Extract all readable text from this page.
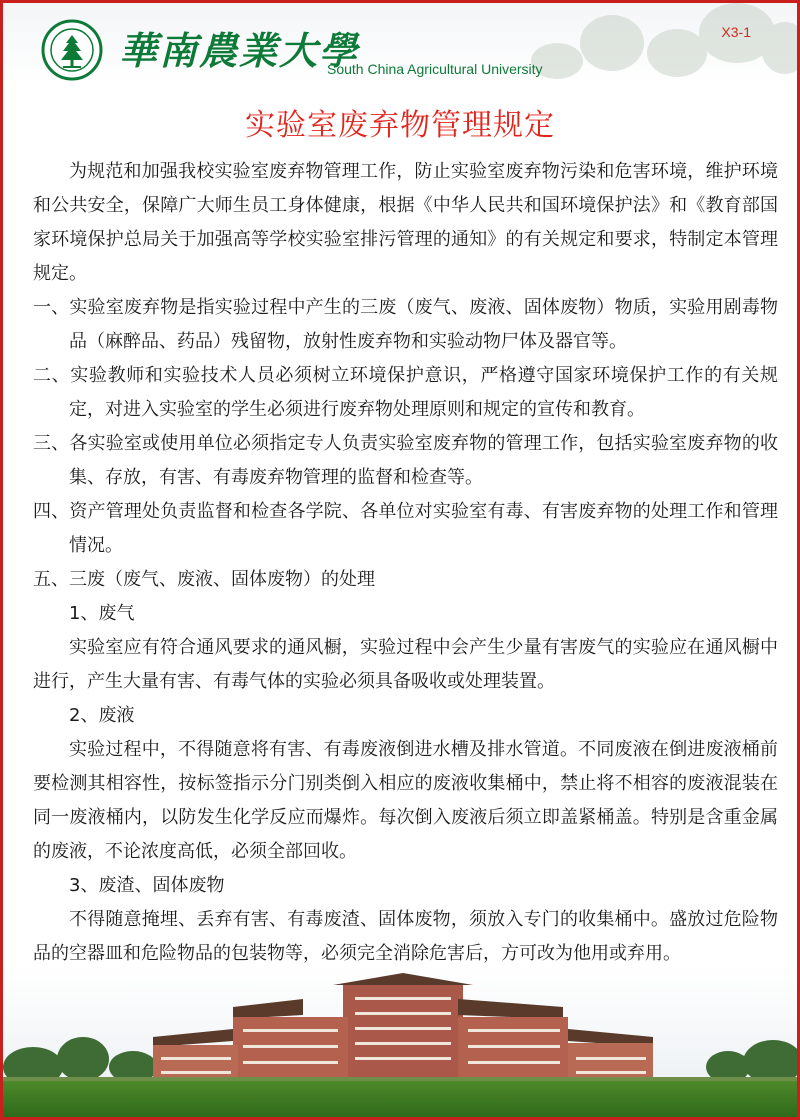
華南農業大學
South China Agricultural University
X3-1
实验室废弃物管理规定

为规范和加强我校实验室废弃物管理工作，防止实验室废弃物污染和危害环境，维护环境和公共安全，保障广大师生员工身体健康，根据《中华人民共和国环境保护法》和《教育部国家环境保护总局关于加强高等学校实验室排污管理的通知》的有关规定和要求，特制定本管理规定。

一、实验室废弃物是指实验过程中产生的三废（废气、废液、固体废物）物质，实验用剧毒物品（麻醉品、药品）残留物，放射性废弃物和实验动物尸体及器官等。

二、实验教师和实验技术人员必须树立环境保护意识，严格遵守国家环境保护工作的有关规定，对进入实验室的学生必须进行废弃物处理原则和规定的宣传和教育。

三、各实验室或使用单位必须指定专人负责实验室废弃物的管理工作，包括实验室废弃物的收集、存放，有害、有毒废弃物管理的监督和检查等。

四、资产管理处负责监督和检查各学院、各单位对实验室有毒、有害废弃物的处理工作和管理情况。

五、三废（废气、废液、固体废物）的处理

1、废气

实验室应有符合通风要求的通风橱，实验过程中会产生少量有害废气的实验应在通风橱中进行，产生大量有害、有毒气体的实验必须具备吸收或处理装置。

2、废液

实验过程中，不得随意将有害、有毒废液倒进水槽及排水管道。不同废液在倒进废液桶前要检测其相容性，按标签指示分门别类倒入相应的废液收集桶中，禁止将不相容的废液混装在同一废液桶内，以防发生化学反应而爆炸。每次倒入废液后须立即盖紧桶盖。特别是含重金属的废液，不论浓度高低，必须全部回收。

3、废渣、固体废物

不得随意掩埋、丢弃有害、有毒废渣、固体废物，须放入专门的收集桶中。盛放过危险物品的空器皿和危险物品的包装物等，必须完全消除危害后，方可改为他用或弃用。
